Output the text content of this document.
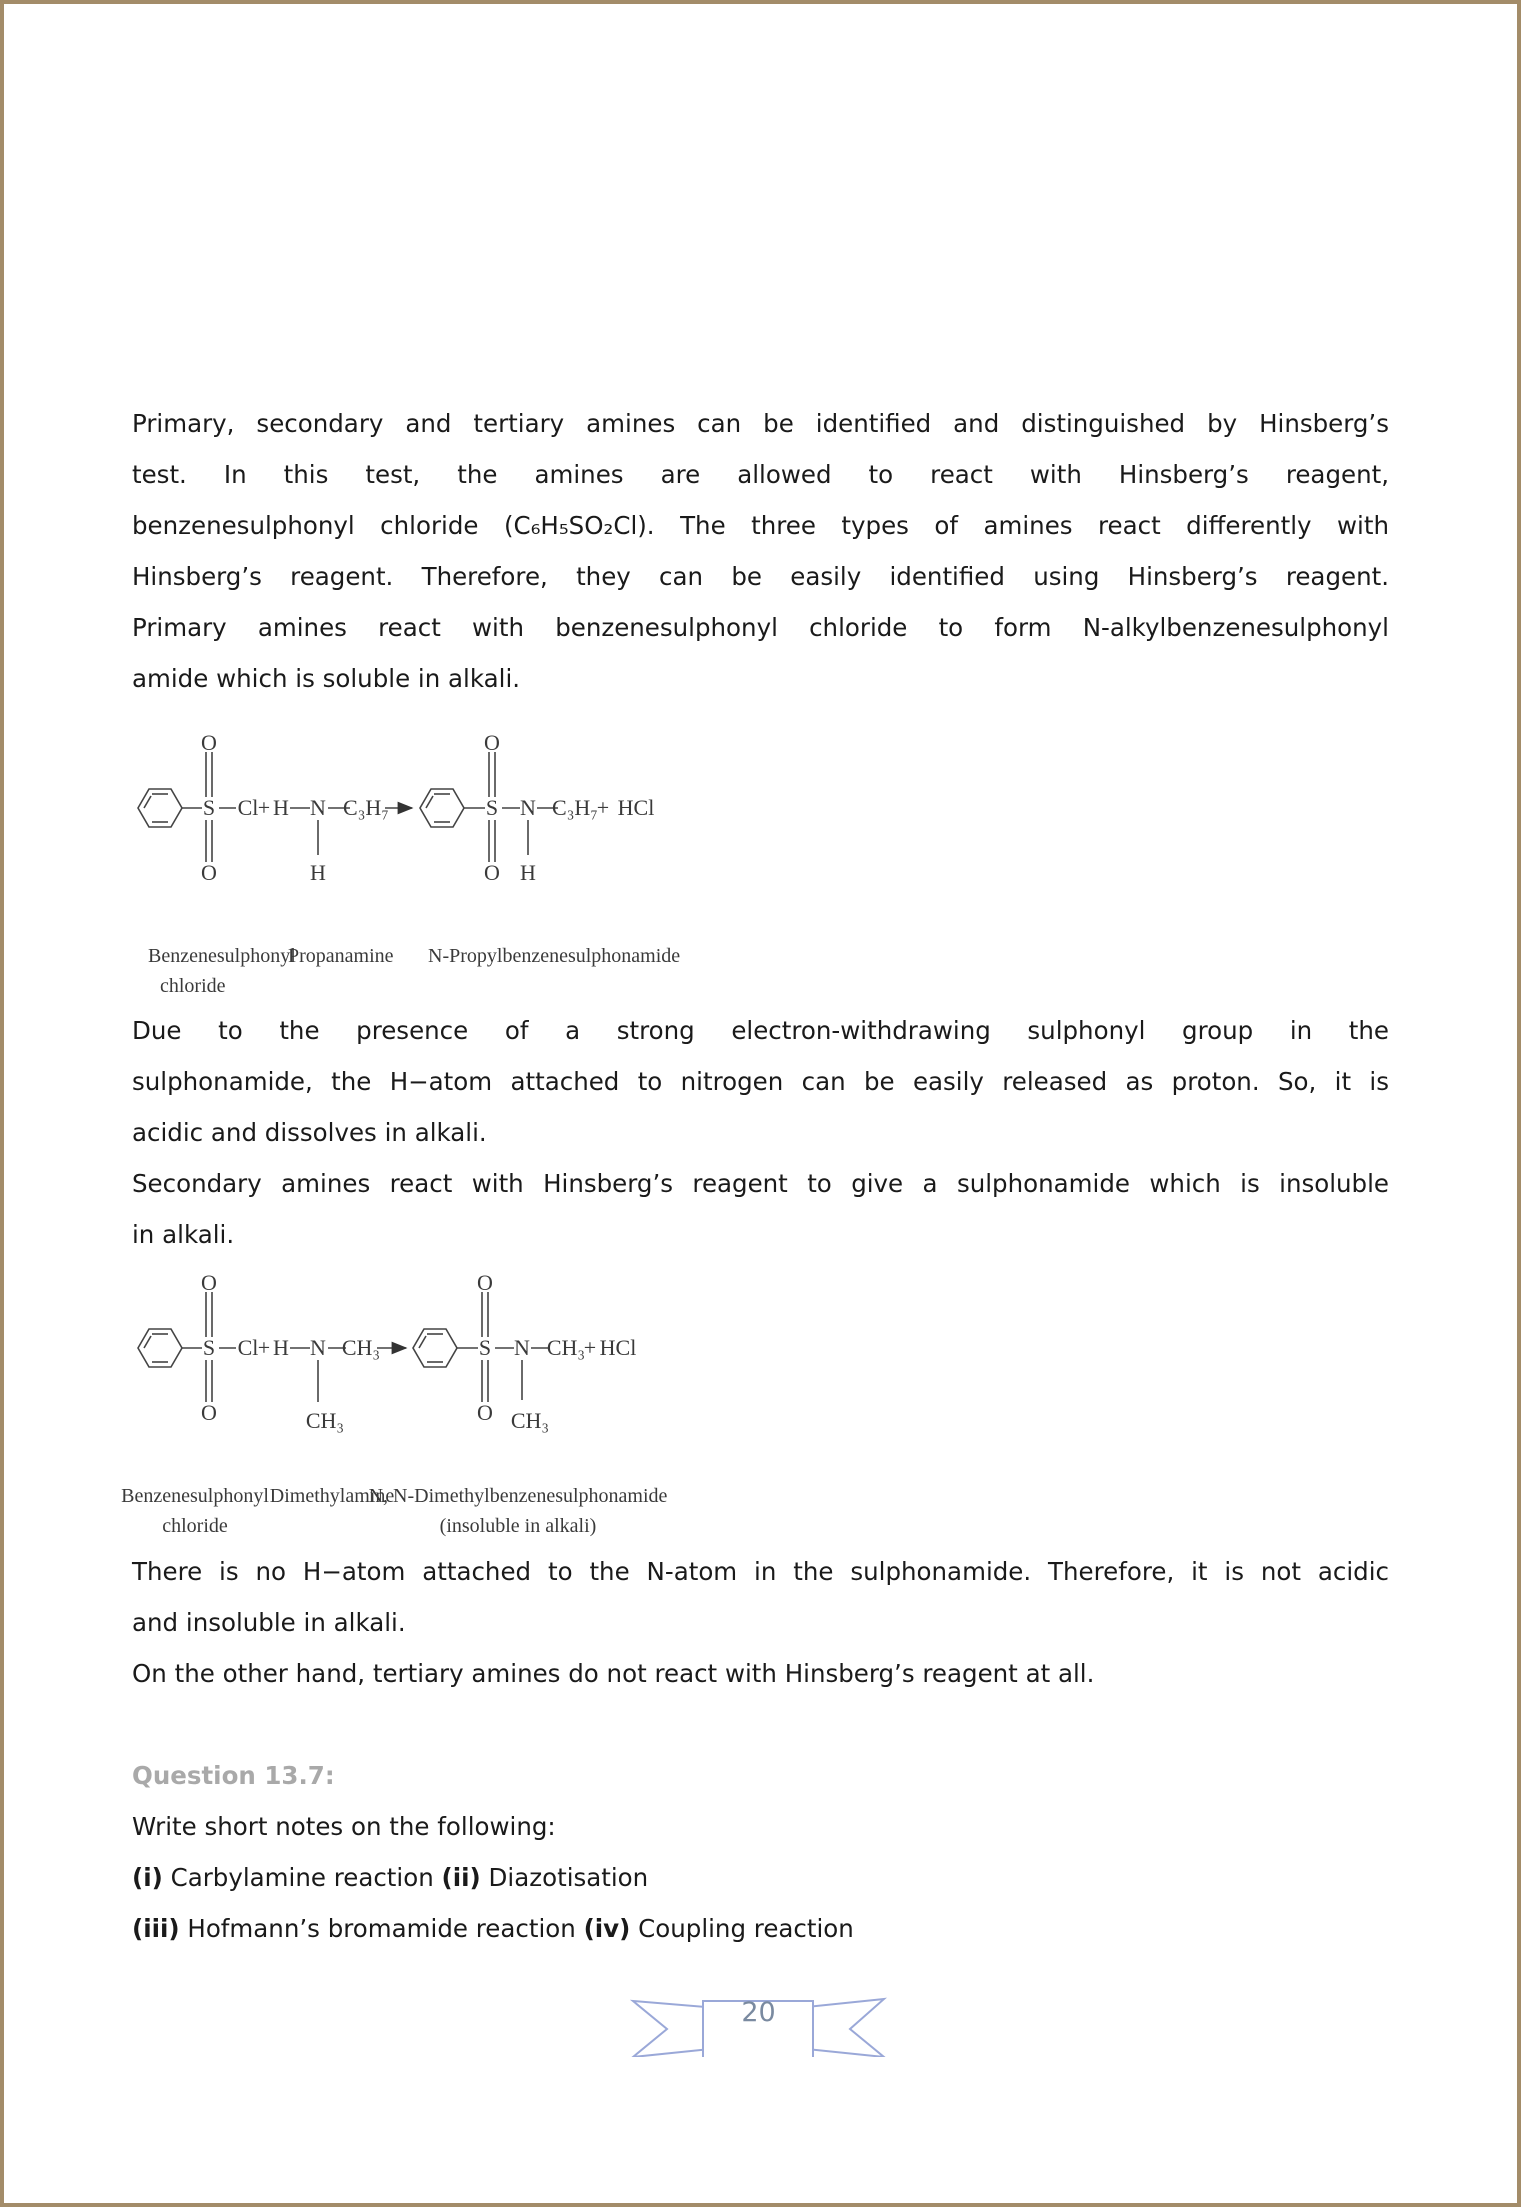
Primary, secondary and tertiary amines can be identified and distinguished by Hinsberg’s
test. In this test, the amines are allowed to react with Hinsberg’s reagent,
benzenesulphonyl chloride (C₆H₅SO₂Cl). The three types of amines react differently with
Hinsberg’s reagent. Therefore, they can be easily identified using Hinsberg’s reagent.
Primary amines react with benzenesulphonyl chloride to form N-alkylbenzenesulphonyl
amide which is soluble in alkali.
O
S
O
Cl + H N
H
C₃H₇
O
S
O
N
H
C₃H₇
+ HCl
Benzenesulphonyl
chloride
Propanamine N-Propylbenzenesulphonamide
O
S
O
Cl + H N
CH₃
CH₃
O
S
O
N
CH₃
CH₃
+ HCl
Benzenesulphonyl
chloride
Dimethylamine
N, N-Dimethylbenzenesulphonamide
(insoluble in alkali)
Due to the presence of a strong electron-withdrawing sulphonyl group in the
sulphonamide, the H−atom attached to nitrogen can be easily released as proton. So, it is
acidic and dissolves in alkali.
Secondary amines react with Hinsberg’s reagent to give a sulphonamide which is insoluble
in alkali.
There is no H−atom attached to the N-atom in the sulphonamide. Therefore, it is not acidic
and insoluble in alkali.
On the other hand, tertiary amines do not react with Hinsberg’s reagent at all.
Question 13.7:
Write short notes on the following:
(i) Carbylamine reaction (ii) Diazotisation
(iii) Hofmann’s bromamide reaction (iv) Coupling reaction
20
